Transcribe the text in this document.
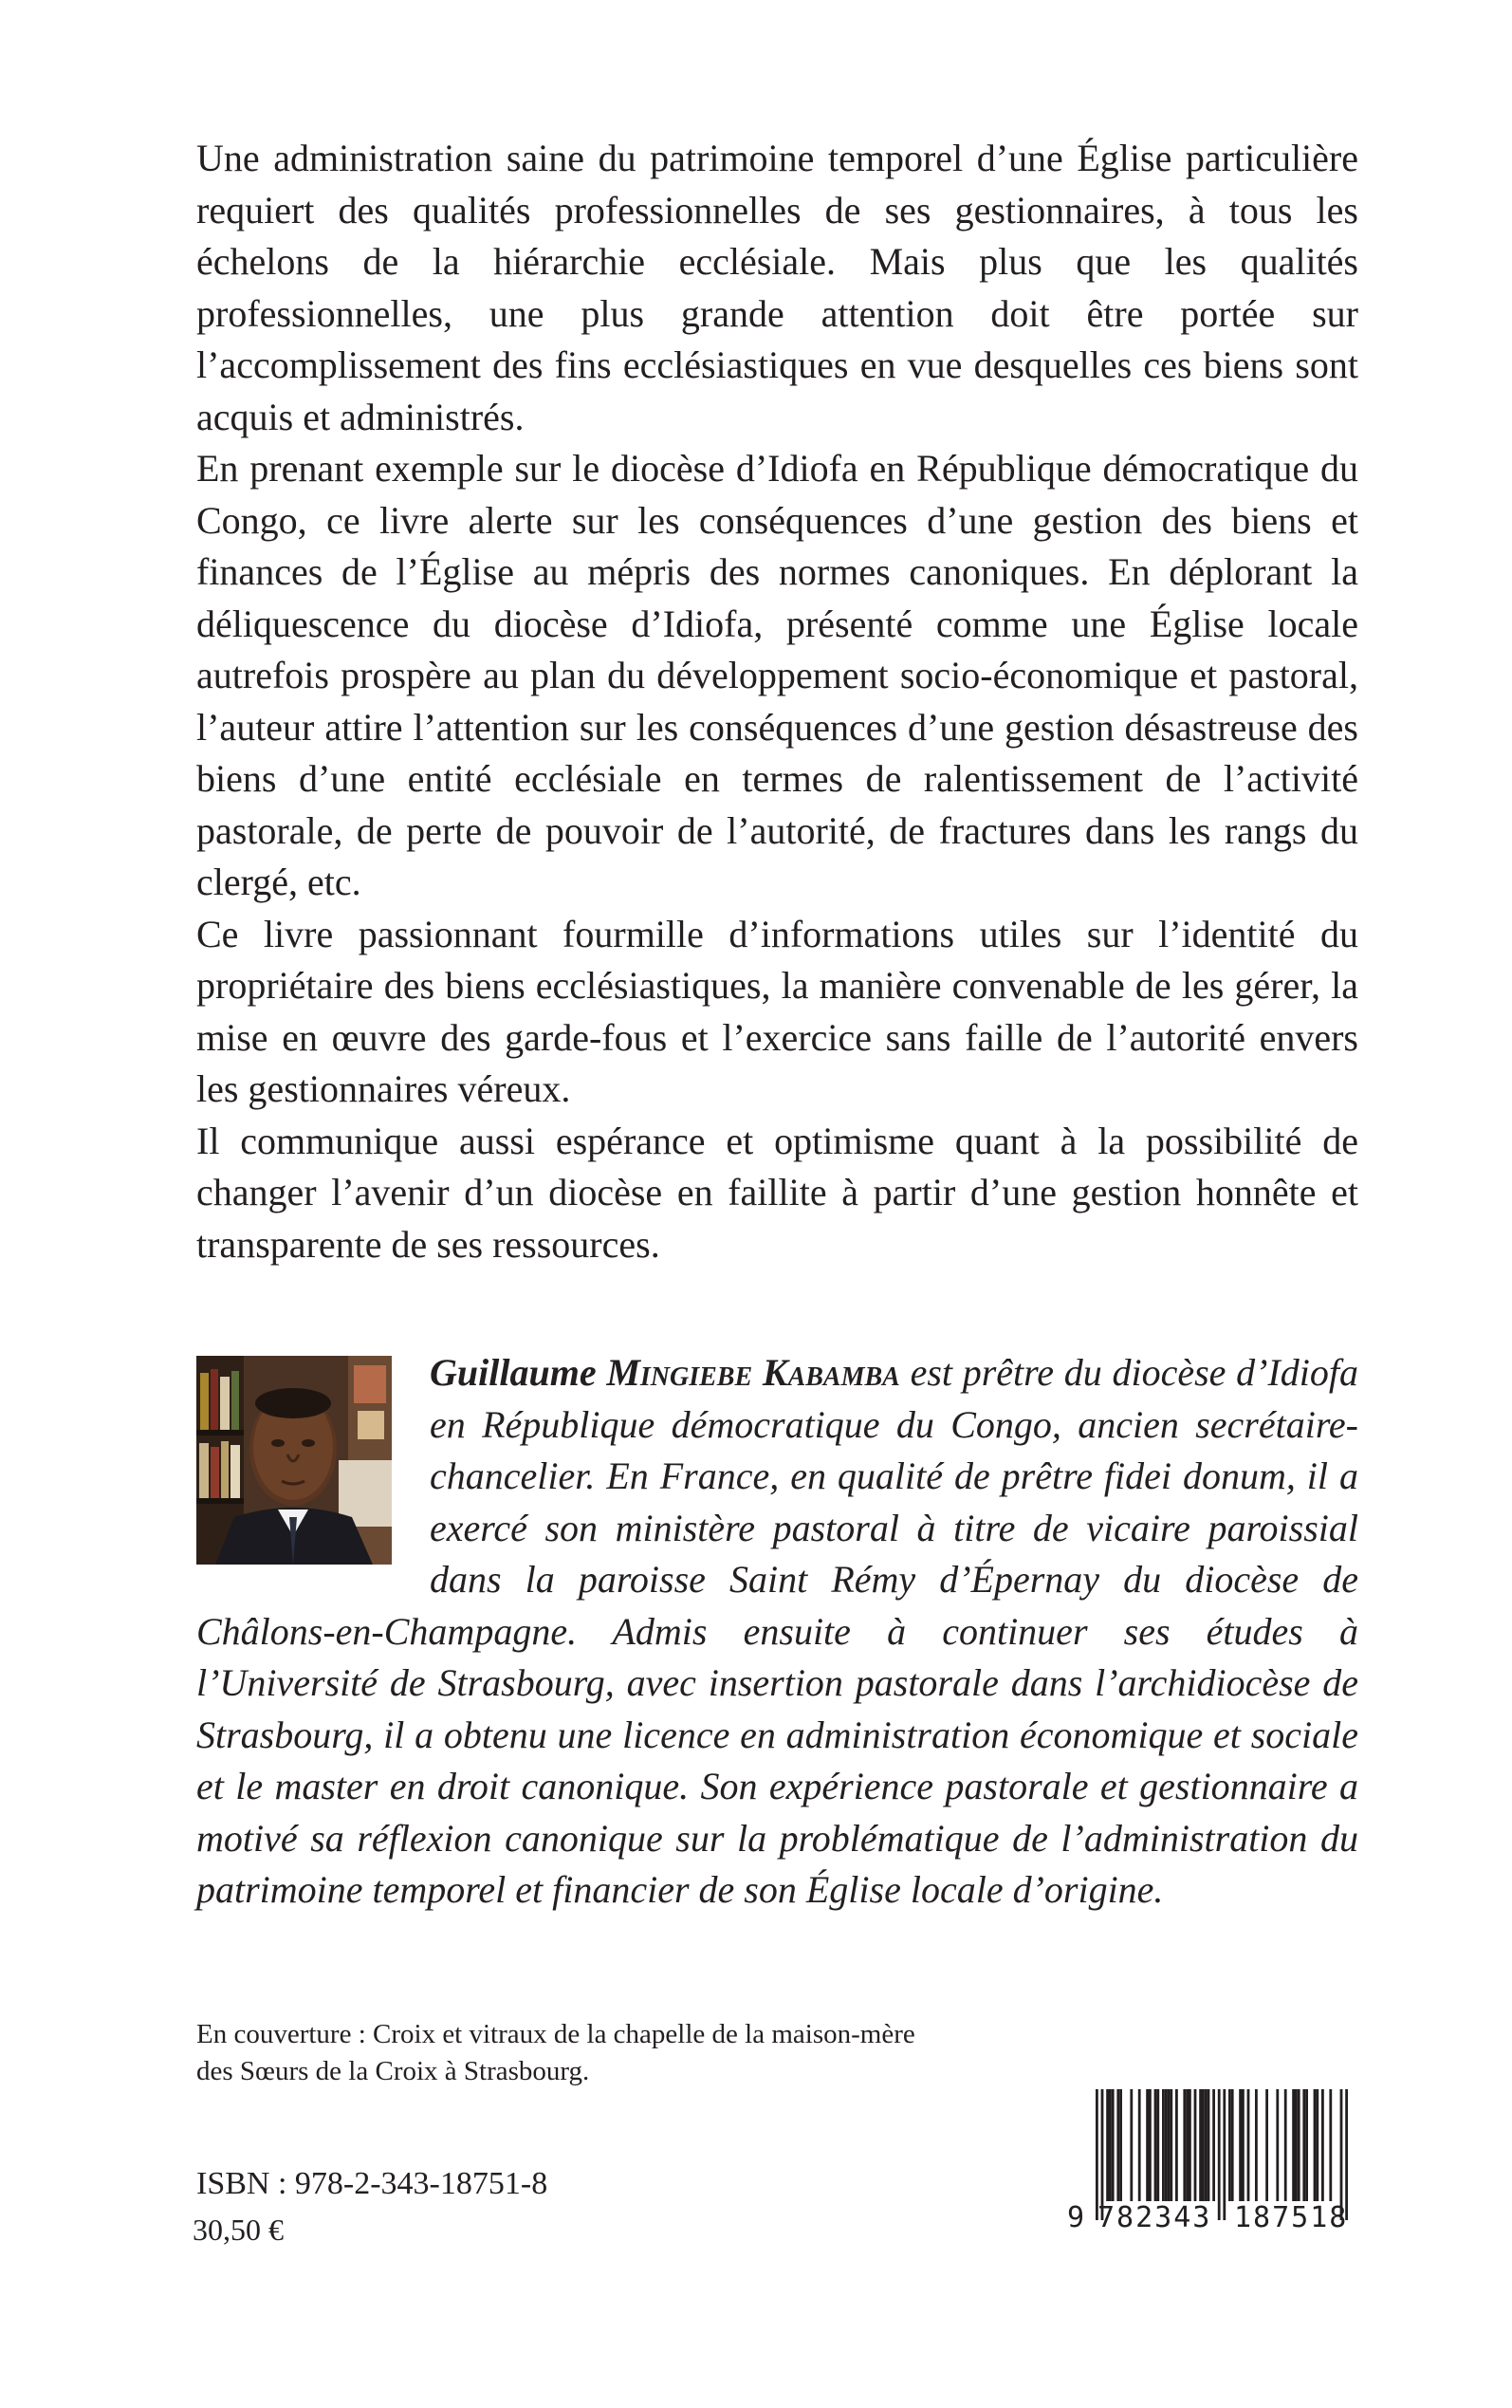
Une administration saine du patrimoine temporel d’une Église particulière requiert des qualités professionnelles de ses gestionnaires, à tous les échelons de la hiérarchie ecclésiale. Mais plus que les qualités professionnelles, une plus grande attention doit être portée sur l’accomplissement des fins ecclésiastiques en vue desquelles ces biens sont acquis et administrés.

En prenant exemple sur le diocèse d’Idiofa en République démocratique du Congo, ce livre alerte sur les conséquences d’une gestion des biens et finances de l’Église au mépris des normes canoniques. En déplorant la déliquescence du diocèse d’Idiofa, présenté comme une Église locale autrefois prospère au plan du développement socio-économique et pastoral, l’auteur attire l’attention sur les conséquences d’une gestion désastreuse des biens d’une entité ecclésiale en termes de ralentissement de l’activité pastorale, de perte de pouvoir de l’autorité, de fractures dans les rangs du clergé, etc.

Ce livre passionnant fourmille d’informations utiles sur l’identité du propriétaire des biens ecclésiastiques, la manière convenable de les gérer, la mise en œuvre des garde-fous et l’exercice sans faille de l’autorité envers les gestionnaires véreux.

Il communique aussi espérance et optimisme quant à la possibilité de changer l’avenir d’un diocèse en faillite à partir d’une gestion honnête et transparente de ses ressources.

Guillaume Mingiebe Kabamba est prêtre du diocèse d’Idiofa en République démocratique du Congo, ancien secrétaire-chancelier. En France, en qualité de prêtre fidei donum, il a exercé son ministère pastoral à titre de vicaire paroissial dans la paroisse Saint Rémy d’Épernay du diocèse de Châlons-en-Champagne. Admis ensuite à continuer ses études à l’Université de Strasbourg, avec insertion pastorale dans l’archidiocèse de Strasbourg, il a obtenu une licence en administration économique et sociale et le master en droit canonique. Son expérience pastorale et gestionnaire a motivé sa réflexion canonique sur la problématique de l’administration du patrimoine temporel et financier de son Église locale d’origine.

En couverture : Croix et vitraux de la chapelle de la maison-mère
des Sœurs de la Croix à Strasbourg.

ISBN : 978-2-343-18751-8

30,50 €	9 782343 187518
